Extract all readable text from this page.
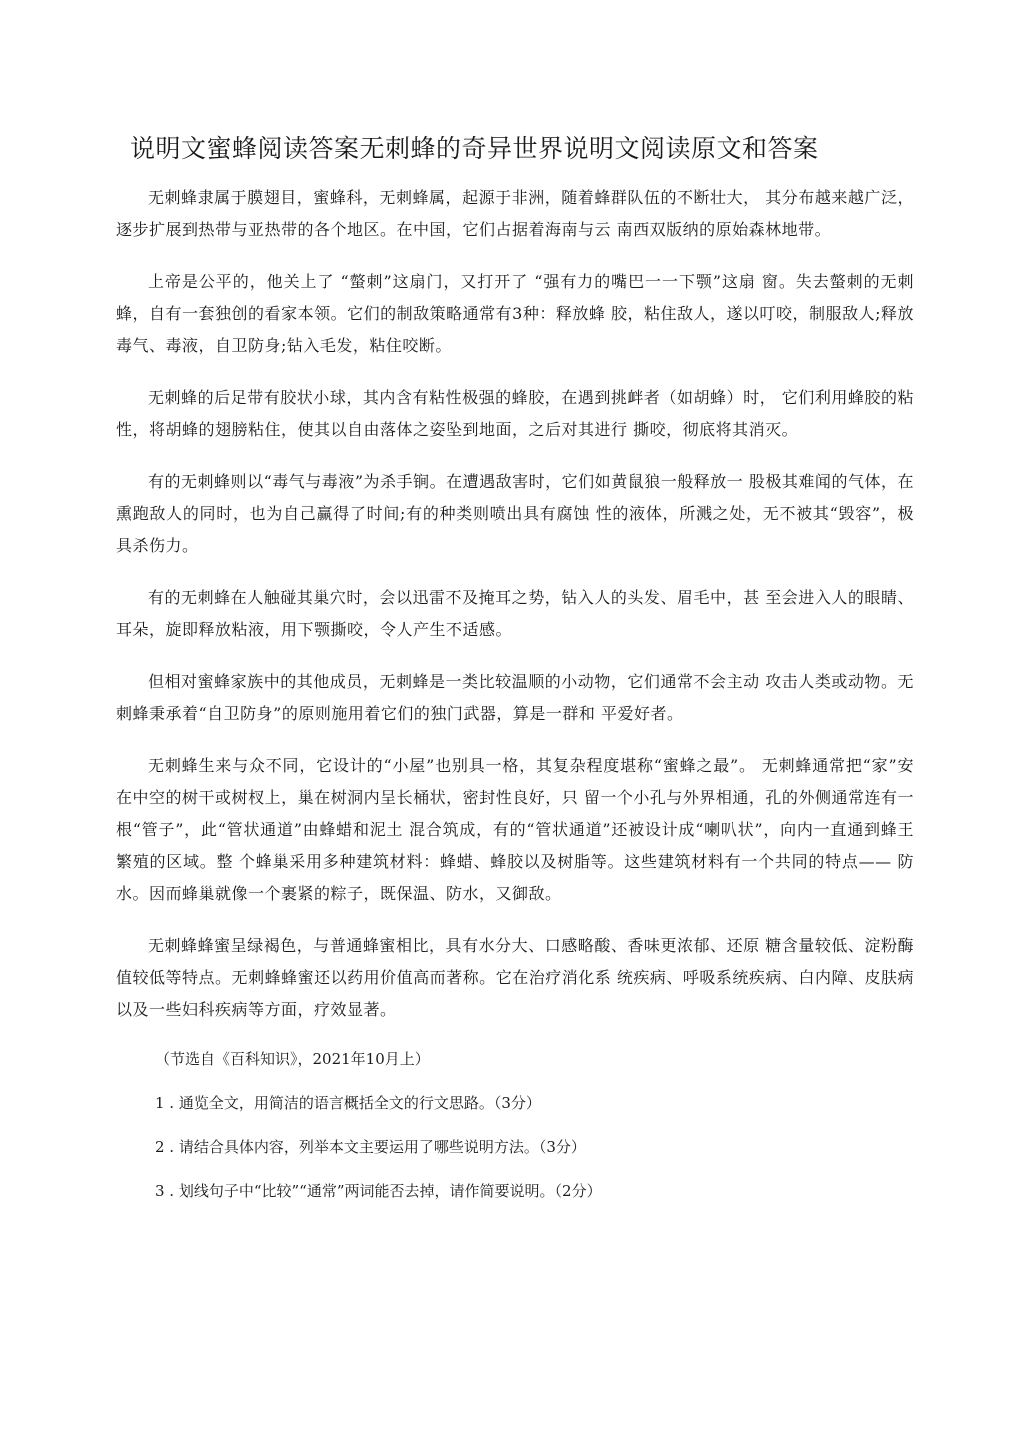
说明文蜜蜂阅读答案无刺蜂的奇异世界说明文阅读原文和答案

无刺蜂隶属于膜翅目，蜜蜂科，无刺蜂属，起源于非洲，随着蜂群队伍的不断壮大， 其分布越来越广泛，逐步扩展到热带与亚热带的各个地区。在中国，它们占据着海南与云 南西双版纳的原始森林地带。

上帝是公平的，他关上了 “螫刺”这扇门，又打开了 “强有力的嘴巴一一下颚”这扇 窗。失去螫刺的无刺蜂，自有一套独创的看家本领。它们的制敌策略通常有3种：释放蜂 胶，粘住敌人，遂以叮咬，制服敌人;释放毒气、毒液，自卫防身;钻入毛发，粘住咬断。

无刺蜂的后足带有胶状小球，其内含有粘性极强的蜂胶，在遇到挑衅者（如胡蜂）时， 它们利用蜂胶的粘性，将胡蜂的翅膀粘住，使其以自由落体之姿坠到地面，之后对其进行 撕咬，彻底将其消灭。

有的无刺蜂则以“毒气与毒液”为杀手锏。在遭遇敌害时，它们如黄鼠狼一般释放一 股极其难闻的气体，在熏跑敌人的同时，也为自己赢得了时间;有的种类则喷出具有腐蚀 性的液体，所溅之处，无不被其“毁容”，极具杀伤力。

有的无刺蜂在人触碰其巢穴时，会以迅雷不及掩耳之势，钻入人的头发、眉毛中，甚 至会进入人的眼睛、耳朵，旋即释放粘液，用下颚撕咬，令人产生不适感。

但相对蜜蜂家族中的其他成员，无刺蜂是一类比较温顺的小动物，它们通常不会主动 攻击人类或动物。无刺蜂秉承着“自卫防身”的原则施用着它们的独门武器，算是一群和 平爱好者。

无刺蜂生来与众不同，它设计的“小屋”也别具一格，其复杂程度堪称“蜜蜂之最”。 无刺蜂通常把“家”安在中空的树干或树杈上，巢在树洞内呈长桶状，密封性良好，只 留一个小孔与外界相通，孔的外侧通常连有一根“管子”，此“管状通道”由蜂蜡和泥土 混合筑成，有的“管状通道”还被设计成“喇叭状”，向内一直通到蜂王繁殖的区域。整 个蜂巢采用多种建筑材料：蜂蜡、蜂胶以及树脂等。这些建筑材料有一个共同的特点—— 防水。因而蜂巢就像一个裹紧的粽子，既保温、防水，又御敌。

无刺蜂蜂蜜呈绿褐色，与普通蜂蜜相比，具有水分大、口感略酸、香味更浓郁、还原 糖含量较低、淀粉酶值较低等特点。无刺蜂蜂蜜还以药用价值高而著称。它在治疗消化系 统疾病、呼吸系统疾病、白内障、皮肤病以及一些妇科疾病等方面，疗效显著。

（节选自《百科知识》，2021年10月上）

1 . 通览全文，用简洁的语言概括全文的行文思路。（3分）

2 . 请结合具体内容，列举本文主要运用了哪些说明方法。（3分）

3 . 划线句子中“比较”“通常”两词能否去掉，请作简要说明。（2分）
